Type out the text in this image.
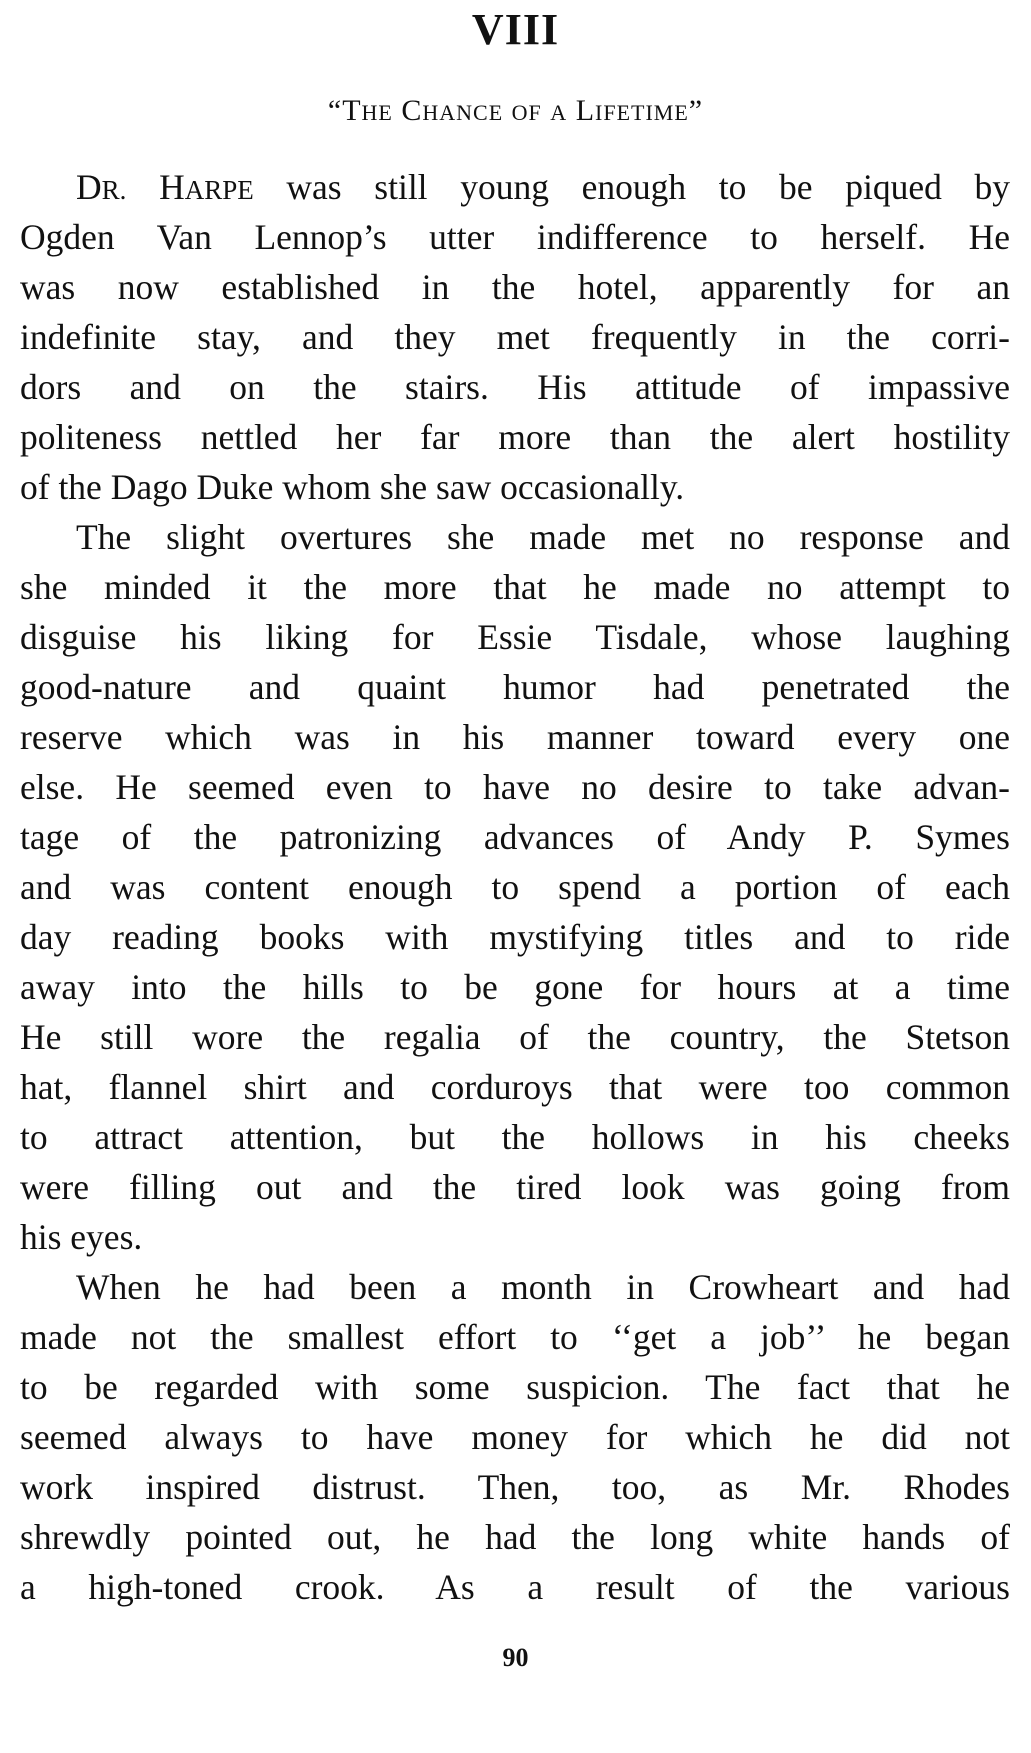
VIII
“THE CHANCE OF A LIFETIME”
DR. HARPE was still young enough to be piqued by
Ogden Van Lennop’s utter indifference to herself. He
was now established in the hotel, apparently for an
indefinite stay, and they met frequently in the corri-
dors and on the stairs. His attitude of impassive
politeness nettled her far more than the alert hostility
of the Dago Duke whom she saw occasionally.
The slight overtures she made met no response and
she minded it the more that he made no attempt to
disguise his liking for Essie Tisdale, whose laughing
good-nature and quaint humor had penetrated the
reserve which was in his manner toward every one
else. He seemed even to have no desire to take advan-
tage of the patronizing advances of Andy P. Symes
and was content enough to spend a portion of each
day reading books with mystifying titles and to ride
away into the hills to be gone for hours at a time
He still wore the regalia of the country, the Stetson
hat, flannel shirt and corduroys that were too common
to attract attention, but the hollows in his cheeks
were filling out and the tired look was going from
his eyes.
When he had been a month in Crowheart and had
made not the smallest effort to ‘‘get a job’’ he began
to be regarded with some suspicion. The fact that he
seemed always to have money for which he did not
work inspired distrust. Then, too, as Mr. Rhodes
shrewdly pointed out, he had the long white hands of
a high-toned crook. As a result of the various
90
